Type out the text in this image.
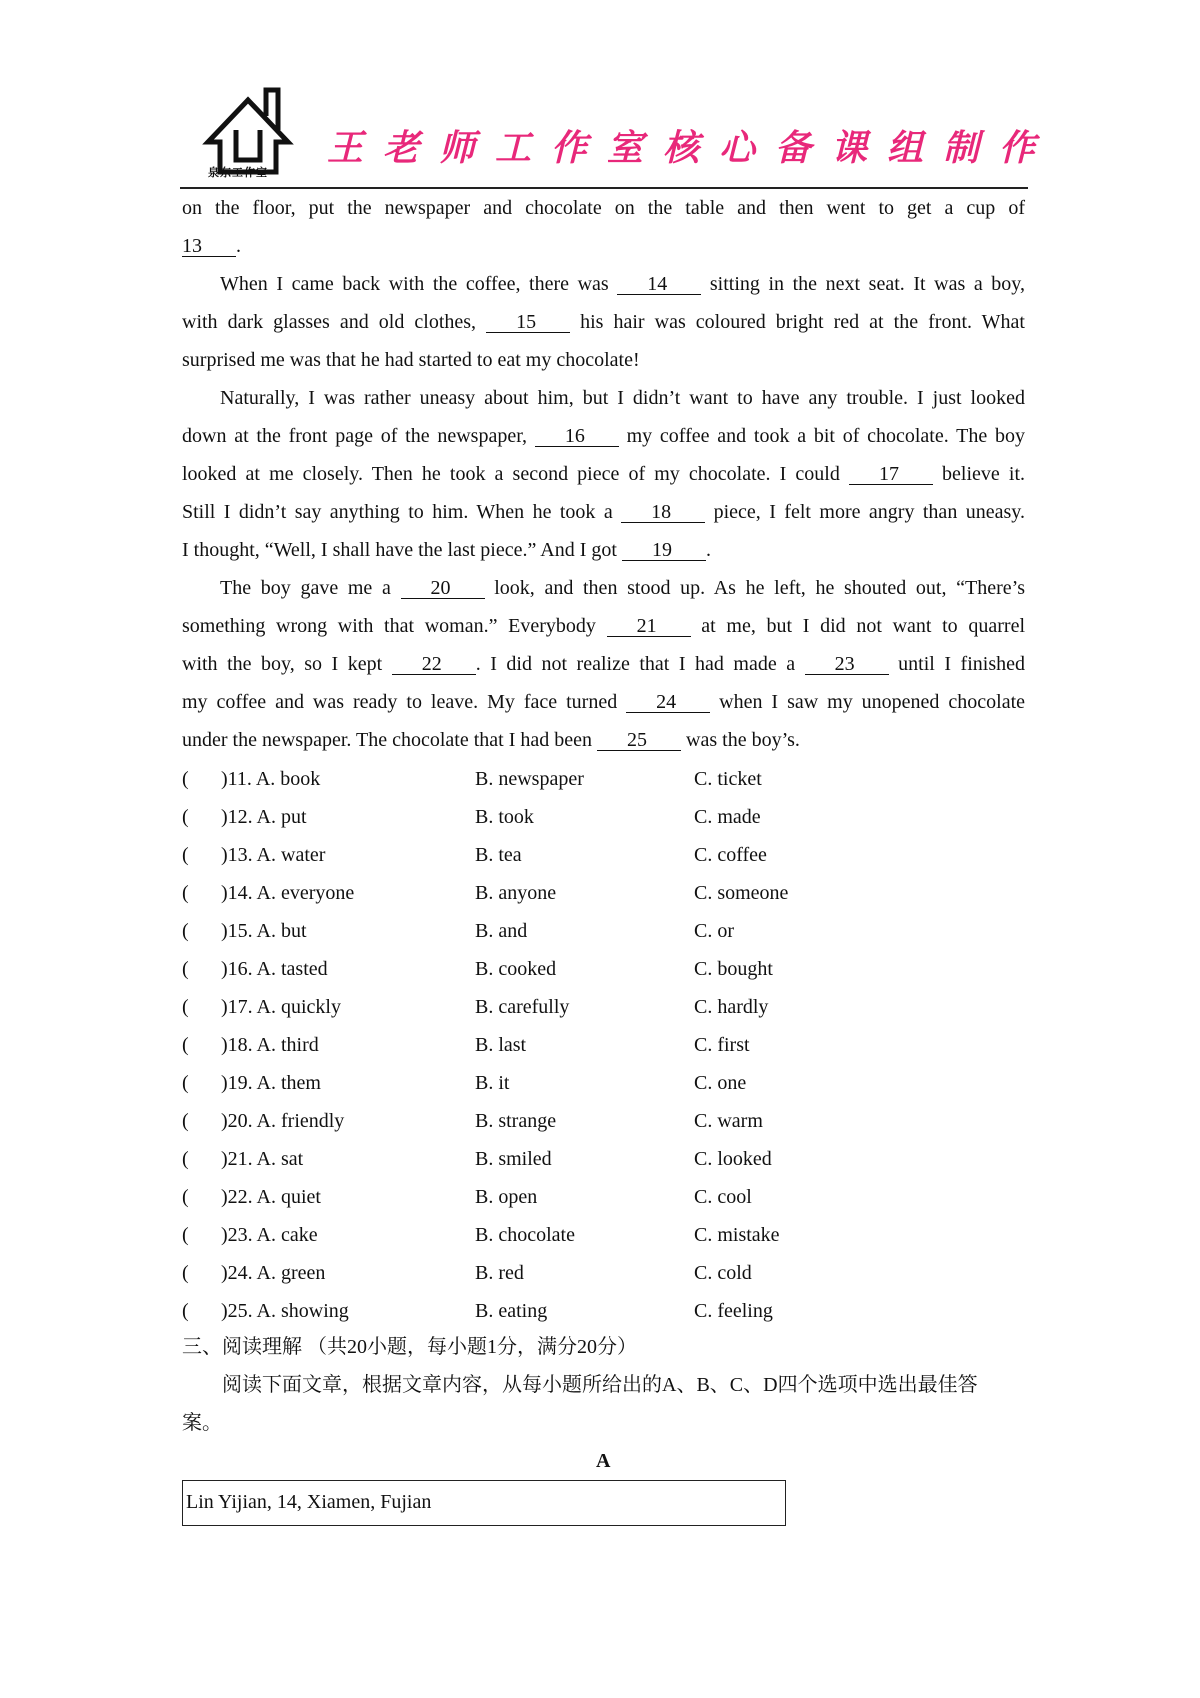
泉东工作室
王老师工作室核心备课组制作
on the floor, put the newspaper and chocolate on the table and then went to get a cup of
13 .
When I came back with the coffee, there was 14 sitting in the next seat. It was a boy,
with dark glasses and old clothes, 15 his hair was coloured bright red at the front. What
surprised me was that he had started to eat my chocolate!
Naturally, I was rather uneasy about him, but I didn’t want to have any trouble. I just looked
down at the front page of the newspaper, 16 my coffee and took a bit of chocolate. The boy
looked at me closely. Then he took a second piece of my chocolate. I could 17 believe it.
Still I didn’t say anything to him. When he took a 18 piece, I felt more angry than uneasy.
I thought, “Well, I shall have the last piece.” And I got 19 .
The boy gave me a 20 look, and then stood up. As he left, he shouted out, “There’s
something wrong with that woman.” Everybody 21 at me, but I did not want to quarrel
with the boy, so I kept 22 . I did not realize that I had made a 23 until I finished
my coffee and was ready to leave. My face turned 24 when I saw my unopened chocolate
under the newspaper. The chocolate that I had been 25 was the boy’s.
( )11. A. book	B. newspaper	C. ticket
( )12. A. put	B. took	C. made
( )13. A. water	B. tea	C. coffee
( )14. A. everyone	B. anyone	C. someone
( )15. A. but	B. and	C. or
( )16. A. tasted	B. cooked	C. bought
( )17. A. quickly	B. carefully	C. hardly
( )18. A. third	B. last	C. first
( )19. A. them	B. it	C. one
( )20. A. friendly	B. strange	C. warm
( )21. A. sat	B. smiled	C. looked
( )22. A. quiet	B. open	C. cool
( )23. A. cake	B. chocolate	C. mistake
( )24. A. green	B. red	C. cold
( )25. A. showing	B. eating	C. feeling
三、阅读理解 （共20小题，每小题1分，满分20分）
阅读下面文章，根据文章内容，从每小题所给出的A、B、C、D四个选项中选出最佳答
案。
A
Lin Yijian, 14, Xiamen, Fujian
